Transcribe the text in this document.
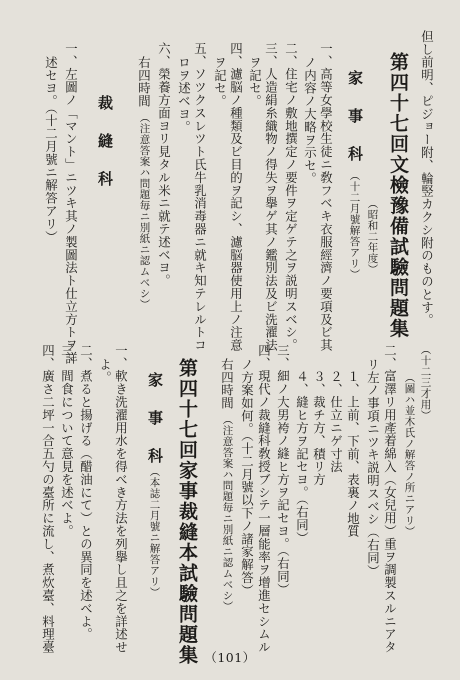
但し前明、ピジョー附、輪竪カクシ附のものとす。
第四十七回文檢豫備試驗問題集
（昭和二年度）
家　事　科
（十二月號解答アリ）
一、高等女學校生徒ニ敎フベキ衣服經濟ノ要項及ビ其
ノ内容ノ大略ヲ示セ。
二、住宅ノ敷地撰定ノ要件ヲ定ゲテ之ヲ説明スベシ。
三、人造絹糸織物ノ得失ヲ擧ゲ其ノ鑑別法及ビ洗濯法
ヲ記セ。
四、濾脳ノ種類及ビ目的ヲ記シ、濾脳器使用上ノ注意
ヲ記セ。
五、ソツクスレツト氏牛乳消毒器ニ就キ知テレルトコ
ロヲ述ベヨ。
六、榮養方面ヨリ見タル米ニ就テ述ベヨ。
右四時間
（注意答案ハ問題毎ニ別紙ニ認ムベシ）
裁　縫　科
一、左圖ノ「マント」ニツキ其ノ製圖法ト仕立方トヲ詳
述セヨ。（十二月號ニ解答アリ）
（十二三才用）
（圖ハ並木氏ノ解答ノ所ニアリ）
二、富澤リ用產着綿入（女兒用）重ヲ調製スルニアタ
リ左ノ事項ニツキ説明スベシ（右同）
１、上前、下前、表裏ノ地質
２、仕立ニゲ寸法
３、裁チ方、積リ方
４、縫ヒ方ヲ記セヨ。（右同）
三、細ノ大男袴ノ縫ヒ方ヲ記セヨ。（右同）
四、現代ノ裁縫科敎授ブシテ一層能率ヲ增進セシムル
ノ方案如何。（十二月號以下ノ諸家解答）
右四時間
（注意答案ハ問題毎ニ別紙ニ認ムベシ）
第四十七回家事裁縫本試驗問題集
家　事　科
（本誌二月號ニ解答アリ）
一、軟き洗濯用水を得べき方法を列擧し且之を詳述せ
よ。
二、煮ると揚げる（醋油にて）との異同を述べよ。
三、間食について意見を述べよ。
四、廣さ二坪一合五勺の臺所に流し、煮炊臺、料理臺
（101）
